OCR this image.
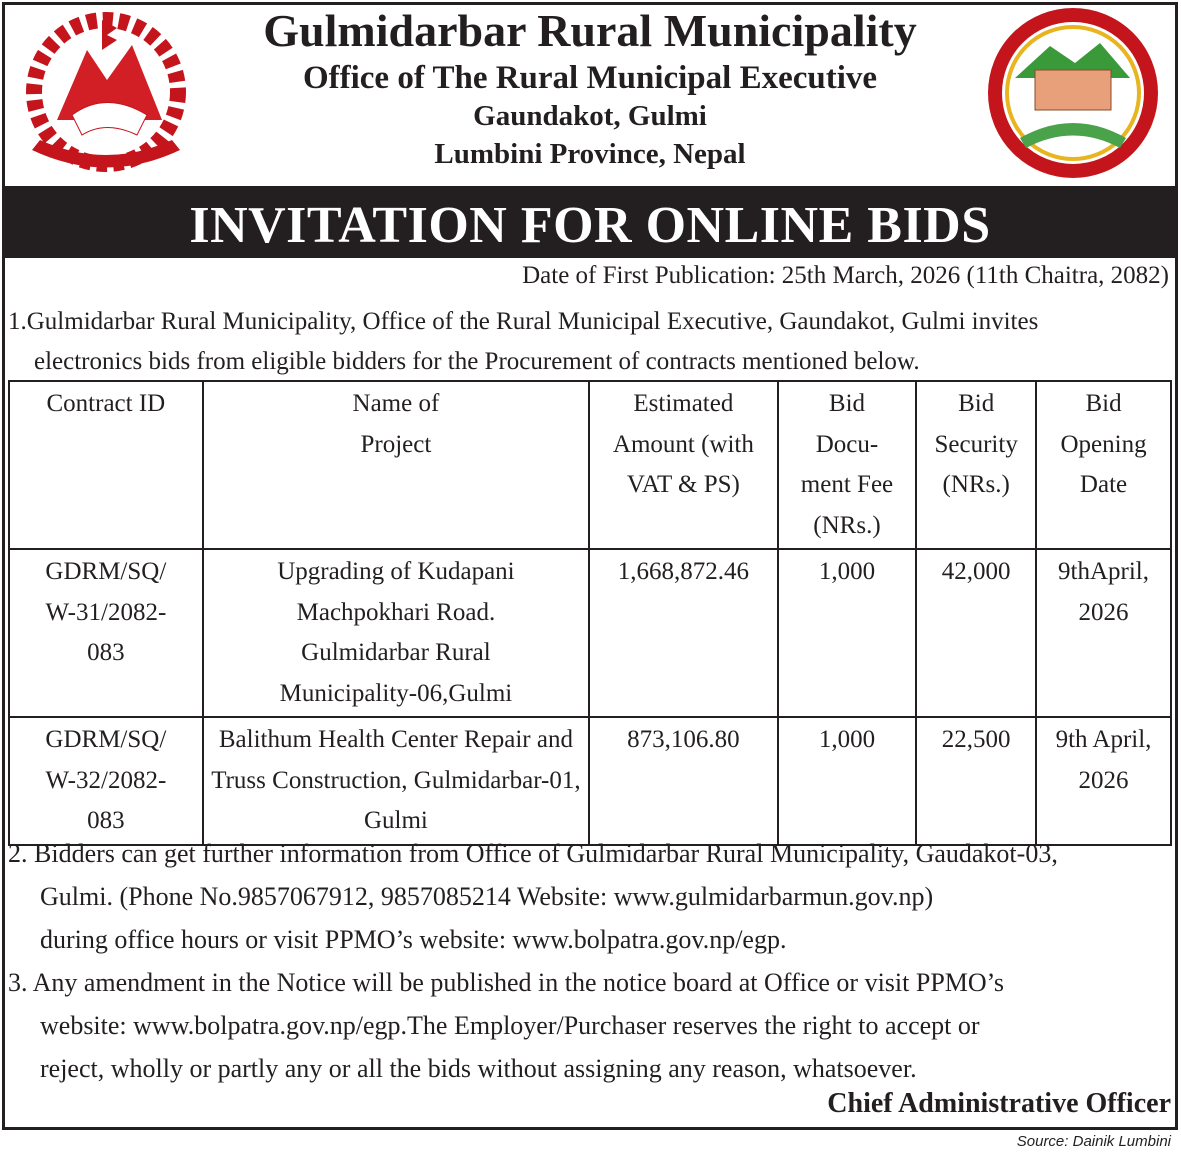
Gulmidarbar Rural Municipality
Office of The Rural Municipal Executive
Gaundakot, Gulmi
Lumbini Province, Nepal
INVITATION FOR ONLINE BIDS
Date of First Publication: 25th March, 2026 (11th Chaitra, 2082)
1.Gulmidarbar Rural Municipality, Office of the Rural Municipal Executive, Gaundakot, Gulmi invites
electronics bids from eligible bidders for the Procurement of contracts mentioned below.
Contract ID	Name of Project	Estimated Amount (with VAT & PS)	Bid Docu-ment Fee (NRs.)	Bid Security (NRs.)	Bid Opening Date
GDRM/SQ/ W-31/2082-083	Upgrading of Kudapani Machpokhari Road. Gulmidarbar Rural Municipality-06,Gulmi	1,668,872.46	1,000	42,000	9thApril, 2026
GDRM/SQ/ W-32/2082-083	Balithum Health Center Repair and Truss Construction, Gulmidarbar-01, Gulmi	873,106.80	1,000	22,500	9th April, 2026
2. Bidders can get further information from Office of Gulmidarbar Rural Municipality, Gaudakot-03,
Gulmi. (Phone No.9857067912, 9857085214 Website: www.gulmidarbarmun.gov.np)
during office hours or visit PPMO’s website: www.bolpatra.gov.np/egp.
3. Any amendment in the Notice will be published in the notice board at Office or visit PPMO’s
website: www.bolpatra.gov.np/egp.The Employer/Purchaser reserves the right to accept or
reject, wholly or partly any or all the bids without assigning any reason, whatsoever.
Chief Administrative Officer
Source: Dainik Lumbini
